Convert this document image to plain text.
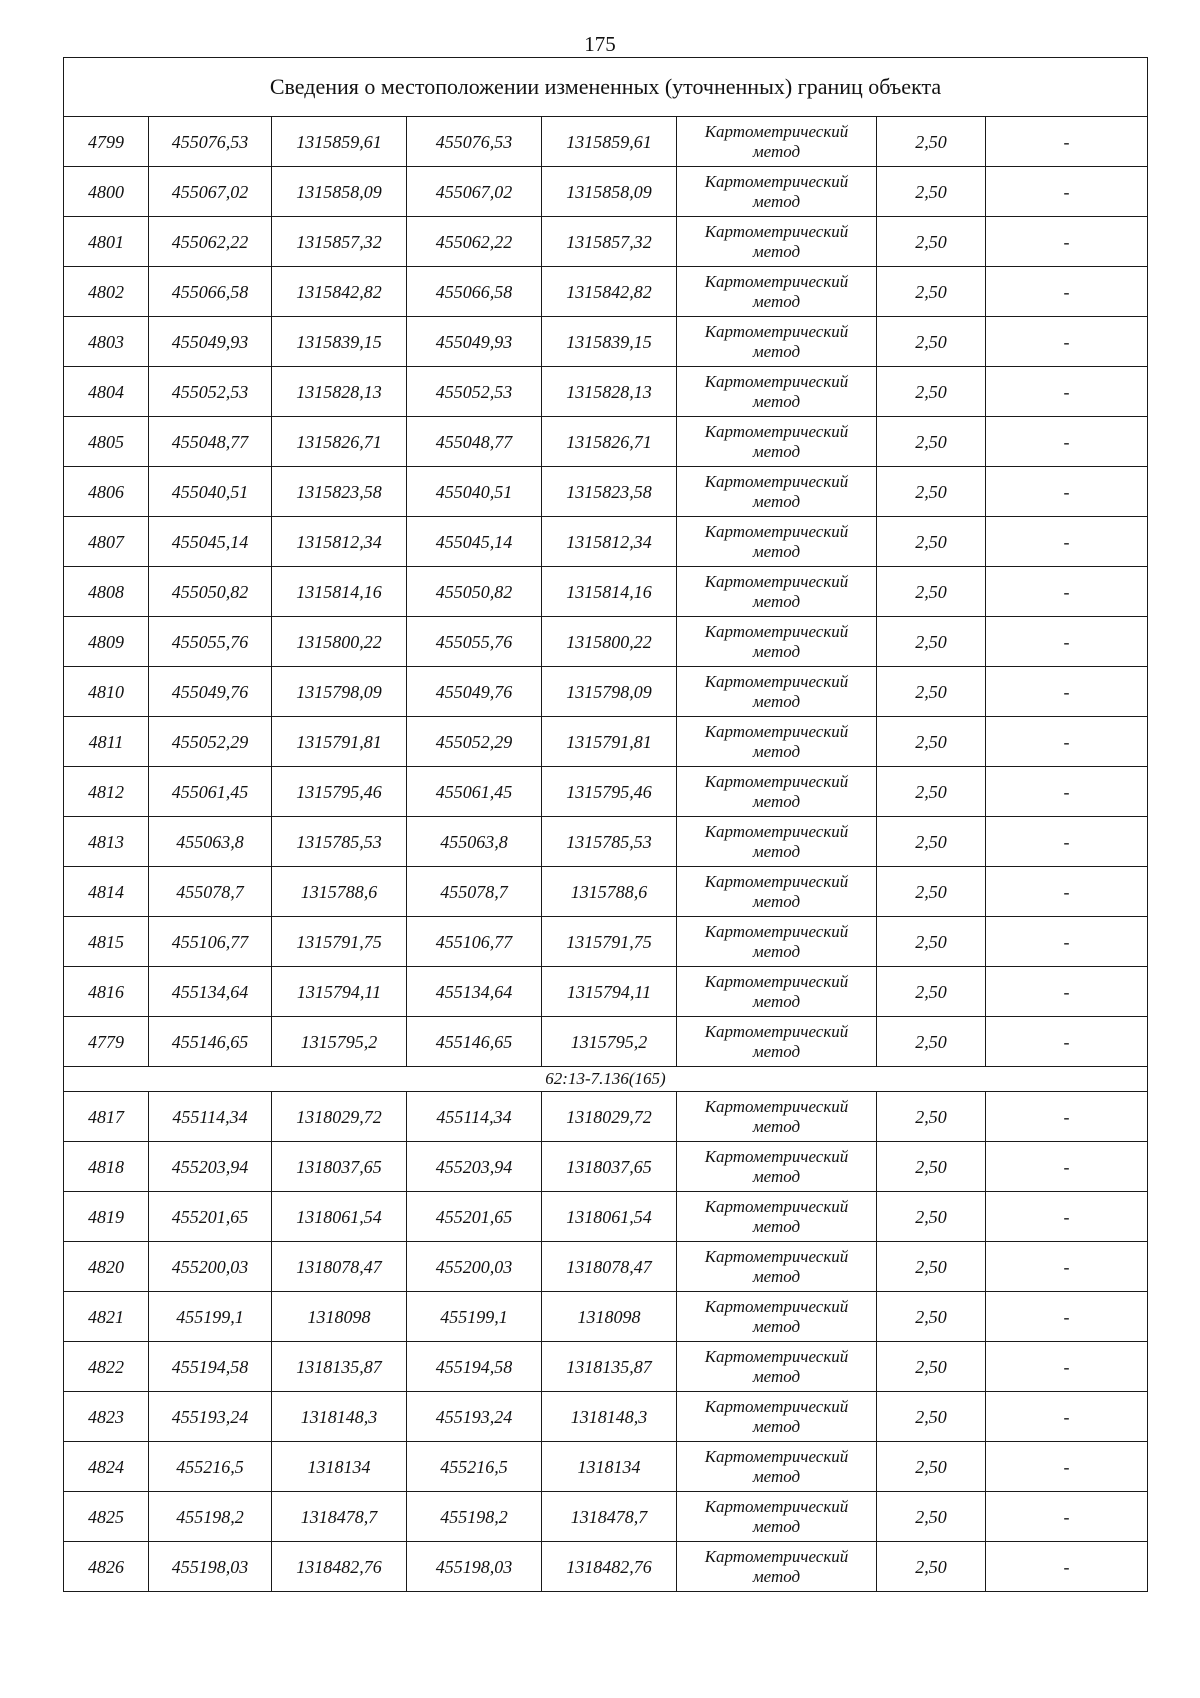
175
Сведения о местоположении измененных (уточненных) границ объекта							
4799	455076,53	1315859,61	455076,53	1315859,61	Картометрический
метод	2,50	-
4800	455067,02	1315858,09	455067,02	1315858,09	Картометрический
метод	2,50	-
4801	455062,22	1315857,32	455062,22	1315857,32	Картометрический
метод	2,50	-
4802	455066,58	1315842,82	455066,58	1315842,82	Картометрический
метод	2,50	-
4803	455049,93	1315839,15	455049,93	1315839,15	Картометрический
метод	2,50	-
4804	455052,53	1315828,13	455052,53	1315828,13	Картометрический
метод	2,50	-
4805	455048,77	1315826,71	455048,77	1315826,71	Картометрический
метод	2,50	-
4806	455040,51	1315823,58	455040,51	1315823,58	Картометрический
метод	2,50	-
4807	455045,14	1315812,34	455045,14	1315812,34	Картометрический
метод	2,50	-
4808	455050,82	1315814,16	455050,82	1315814,16	Картометрический
метод	2,50	-
4809	455055,76	1315800,22	455055,76	1315800,22	Картометрический
метод	2,50	-
4810	455049,76	1315798,09	455049,76	1315798,09	Картометрический
метод	2,50	-
4811	455052,29	1315791,81	455052,29	1315791,81	Картометрический
метод	2,50	-
4812	455061,45	1315795,46	455061,45	1315795,46	Картометрический
метод	2,50	-
4813	455063,8	1315785,53	455063,8	1315785,53	Картометрический
метод	2,50	-
4814	455078,7	1315788,6	455078,7	1315788,6	Картометрический
метод	2,50	-
4815	455106,77	1315791,75	455106,77	1315791,75	Картометрический
метод	2,50	-
4816	455134,64	1315794,11	455134,64	1315794,11	Картометрический
метод	2,50	-
4779	455146,65	1315795,2	455146,65	1315795,2	Картометрический
метод	2,50	-
62:13-7.136(165)							
4817	455114,34	1318029,72	455114,34	1318029,72	Картометрический
метод	2,50	-
4818	455203,94	1318037,65	455203,94	1318037,65	Картометрический
метод	2,50	-
4819	455201,65	1318061,54	455201,65	1318061,54	Картометрический
метод	2,50	-
4820	455200,03	1318078,47	455200,03	1318078,47	Картометрический
метод	2,50	-
4821	455199,1	1318098	455199,1	1318098	Картометрический
метод	2,50	-
4822	455194,58	1318135,87	455194,58	1318135,87	Картометрический
метод	2,50	-
4823	455193,24	1318148,3	455193,24	1318148,3	Картометрический
метод	2,50	-
4824	455216,5	1318134	455216,5	1318134	Картометрический
метод	2,50	-
4825	455198,2	1318478,7	455198,2	1318478,7	Картометрический
метод	2,50	-
4826	455198,03	1318482,76	455198,03	1318482,76	Картометрический
метод	2,50	-
